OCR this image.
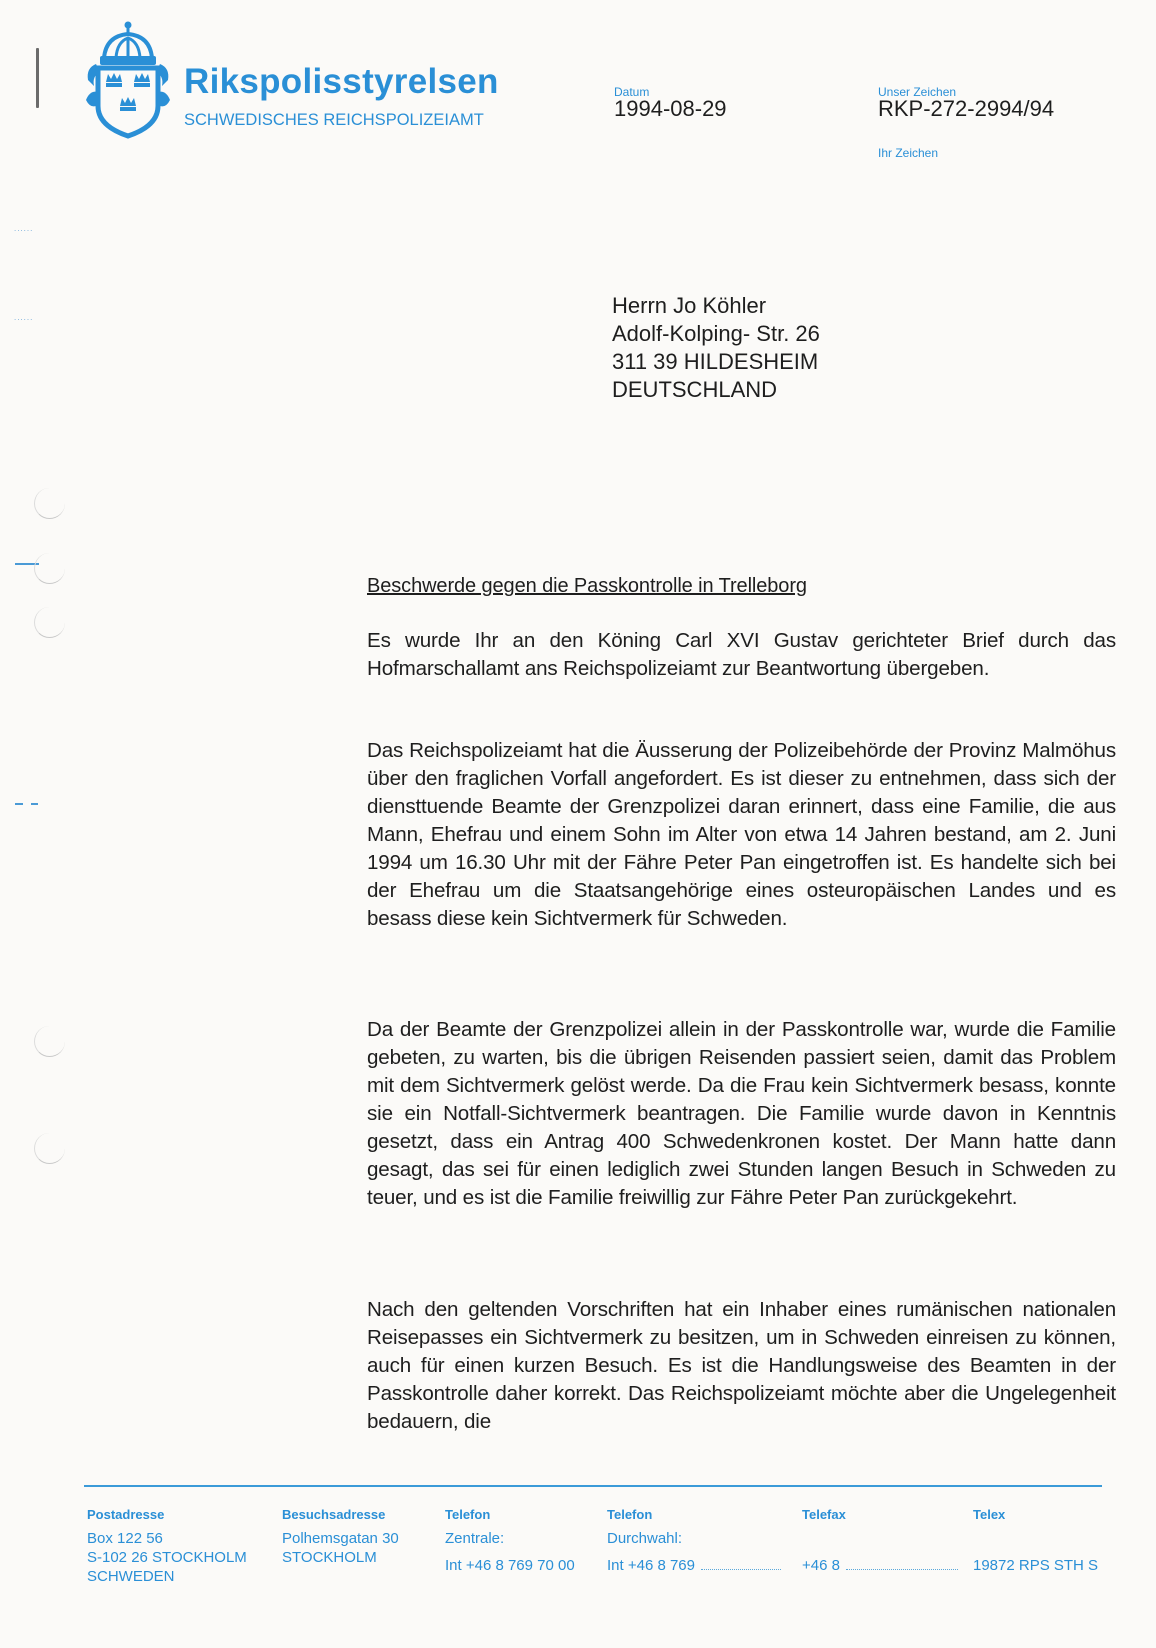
......
......
Rikspolisstyrelsen
SCHWEDISCHES REICHSPOLIZEIAMT
Datum
1994-08-29
Unser Zeichen
RKP-272-2994/94
Ihr Zeichen
Herrn Jo Köhler
Adolf-Kolping- Str. 26
311 39 HILDESHEIM
DEUTSCHLAND
Beschwerde gegen die Passkontrolle in Trelleborg
Es wurde Ihr an den Köning Carl XVI Gustav gerichteter Brief durch das Hofmarschallamt ans Reichspolizeiamt zur Beantwortung übergeben.
Das Reichspolizeiamt hat die Äusserung der Polizeibehörde der Provinz Malmöhus über den fraglichen Vorfall angefordert. Es ist dieser zu entnehmen, dass sich der diensttuende Beamte der Grenzpolizei daran erinnert, dass eine Familie, die aus Mann, Ehefrau und einem Sohn im Alter von etwa 14 Jahren bestand, am 2. Juni 1994 um 16.30 Uhr mit der Fähre Peter Pan eingetroffen ist. Es handelte sich bei der Ehefrau um die Staatsangehörige eines osteuropäischen Landes und es besass diese kein Sichtvermerk für Schweden.
Da der Beamte der Grenzpolizei allein in der Passkontrolle war, wurde die Familie gebeten, zu warten, bis die übrigen Reisenden passiert seien, damit das Problem mit dem Sichtvermerk gelöst werde. Da die Frau kein Sichtvermerk besass, konnte sie ein Notfall-Sichtvermerk beantragen. Die Familie wurde davon in Kenntnis gesetzt, dass ein Antrag 400 Schwedenkronen kostet. Der Mann hatte dann gesagt, das sei für einen lediglich zwei Stunden langen Besuch in Schweden zu teuer, und es ist die Familie freiwillig zur Fähre Peter Pan zurückgekehrt.
Nach den geltenden Vorschriften hat ein Inhaber eines rumänischen nationalen Reisepasses ein Sichtvermerk zu besitzen, um in Schweden einreisen zu können, auch für einen kurzen Besuch. Es ist die Handlungsweise des Beamten in der Passkontrolle daher korrekt. Das Reichspolizeiamt möchte aber die Ungelegenheit bedauern, die
Postadresse
Box 122 56
S-102 26 STOCKHOLM
SCHWEDEN
Besuchsadresse
Polhemsgatan 30
STOCKHOLM
Telefon
Zentrale:
Int +46 8 769 70 00
Telefon
Durchwahl:
Int +46 8 769
Telefax
+46 8
Telex
19872 RPS STH S
